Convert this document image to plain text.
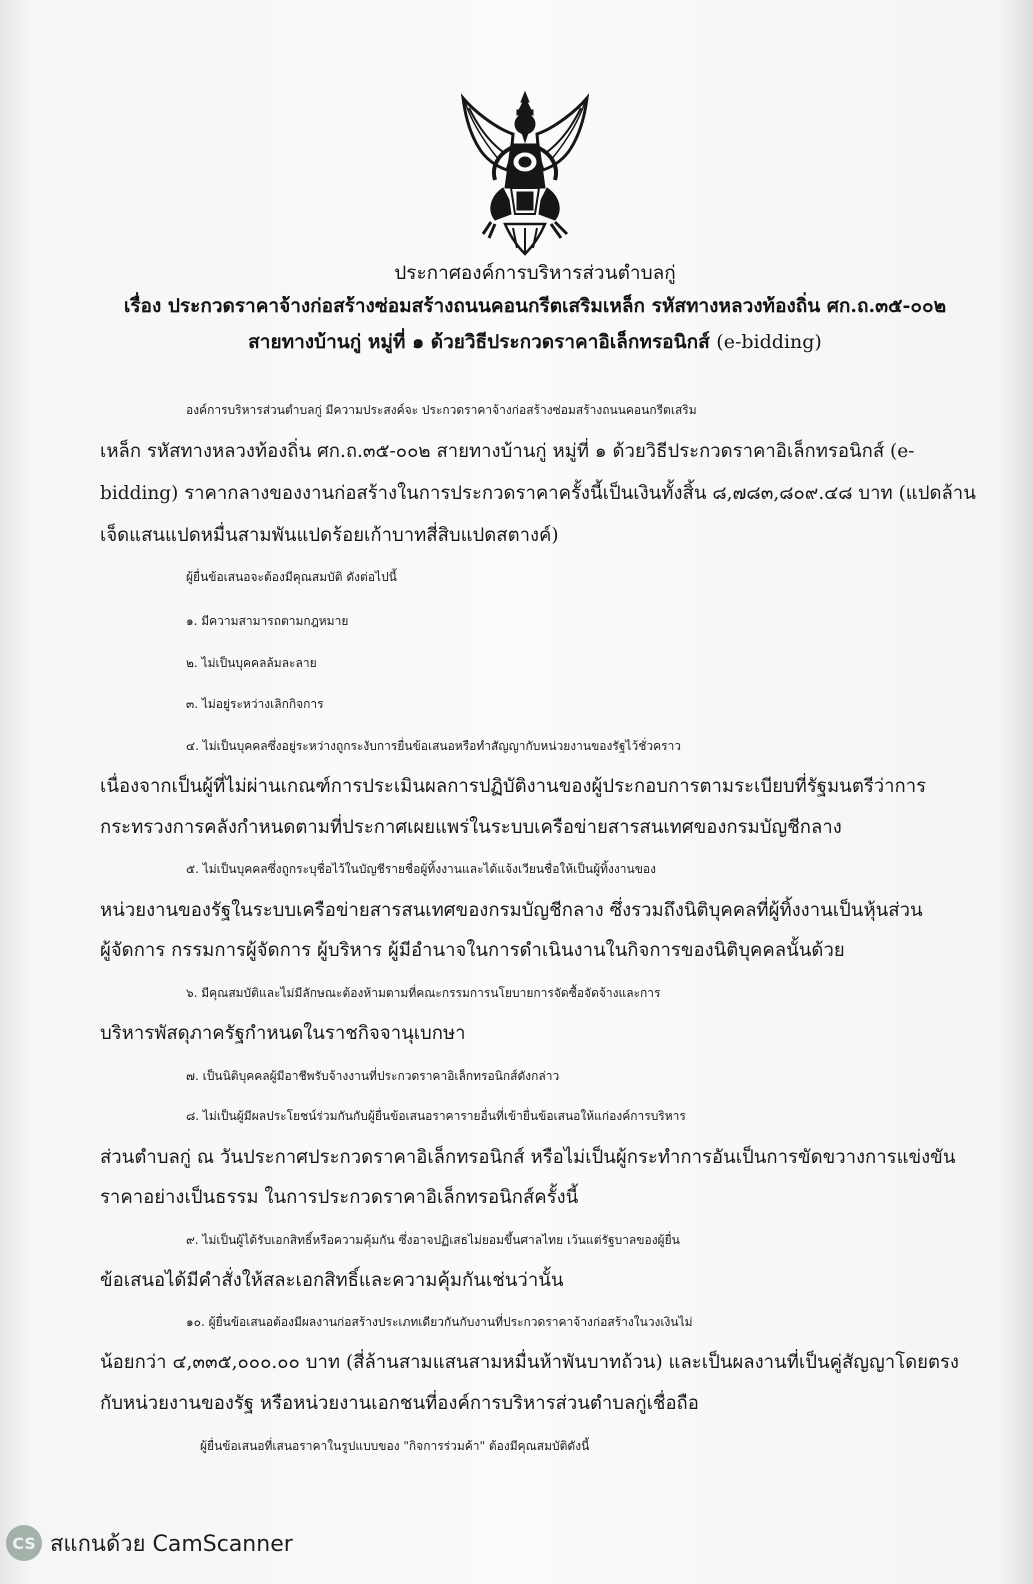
ประกาศองค์การบริหารส่วนตำบลกู่
เรื่อง ประกวดราคาจ้างก่อสร้างซ่อมสร้างถนนคอนกรีตเสริมเหล็ก รหัสทางหลวงท้องถิ่น ศก.ถ.๓๕-๐๐๒
สายทางบ้านกู่ หมู่ที่ ๑ ด้วยวิธีประกวดราคาอิเล็กทรอนิกส์ (e-bidding)
องค์การบริหารส่วนตำบลกู่ มีความประสงค์จะ ประกวดราคาจ้างก่อสร้างซ่อมสร้างถนนคอนกรีตเสริม
เหล็ก รหัสทางหลวงท้องถิ่น ศก.ถ.๓๕-๐๐๒ สายทางบ้านกู่ หมู่ที่ ๑ ด้วยวิธีประกวดราคาอิเล็กทรอนิกส์ (e-
bidding) ราคากลางของงานก่อสร้างในการประกวดราคาครั้งนี้เป็นเงินทั้งสิ้น ๘,๗๘๓,๘๐๙.๔๘ บาท (แปดล้าน
เจ็ดแสนแปดหมื่นสามพันแปดร้อยเก้าบาทสี่สิบแปดสตางค์)
ผู้ยื่นข้อเสนอจะต้องมีคุณสมบัติ ดังต่อไปนี้
๑. มีความสามารถตามกฎหมาย
๒. ไม่เป็นบุคคลล้มละลาย
๓. ไม่อยู่ระหว่างเลิกกิจการ
๔. ไม่เป็นบุคคลซึ่งอยู่ระหว่างถูกระงับการยื่นข้อเสนอหรือทำสัญญากับหน่วยงานของรัฐไว้ชั่วคราว
เนื่องจากเป็นผู้ที่ไม่ผ่านเกณฑ์การประเมินผลการปฏิบัติงานของผู้ประกอบการตามระเบียบที่รัฐมนตรีว่าการ
กระทรวงการคลังกำหนดตามที่ประกาศเผยแพร่ในระบบเครือข่ายสารสนเทศของกรมบัญชีกลาง
๕. ไม่เป็นบุคคลซึ่งถูกระบุชื่อไว้ในบัญชีรายชื่อผู้ทิ้งงานและได้แจ้งเวียนชื่อให้เป็นผู้ทิ้งงานของ
หน่วยงานของรัฐในระบบเครือข่ายสารสนเทศของกรมบัญชีกลาง ซึ่งรวมถึงนิติบุคคลที่ผู้ทิ้งงานเป็นหุ้นส่วน
ผู้จัดการ กรรมการผู้จัดการ ผู้บริหาร ผู้มีอำนาจในการดำเนินงานในกิจการของนิติบุคคลนั้นด้วย
๖. มีคุณสมบัติและไม่มีลักษณะต้องห้ามตามที่คณะกรรมการนโยบายการจัดซื้อจัดจ้างและการ
บริหารพัสดุภาครัฐกำหนดในราชกิจจานุเบกษา
๗. เป็นนิติบุคคลผู้มีอาชีพรับจ้างงานที่ประกวดราคาอิเล็กทรอนิกส์ดังกล่าว
๘. ไม่เป็นผู้มีผลประโยชน์ร่วมกันกับผู้ยื่นข้อเสนอราคารายอื่นที่เข้ายื่นข้อเสนอให้แก่องค์การบริหาร
ส่วนตำบลกู่ ณ วันประกาศประกวดราคาอิเล็กทรอนิกส์ หรือไม่เป็นผู้กระทำการอันเป็นการขัดขวางการแข่งขัน
ราคาอย่างเป็นธรรม ในการประกวดราคาอิเล็กทรอนิกส์ครั้งนี้
๙. ไม่เป็นผู้ได้รับเอกสิทธิ์หรือความคุ้มกัน ซึ่งอาจปฏิเสธไม่ยอมขึ้นศาลไทย เว้นแต่รัฐบาลของผู้ยื่น
ข้อเสนอได้มีคำสั่งให้สละเอกสิทธิ์และความคุ้มกันเช่นว่านั้น
๑๐. ผู้ยื่นข้อเสนอต้องมีผลงานก่อสร้างประเภทเดียวกันกับงานที่ประกวดราคาจ้างก่อสร้างในวงเงินไม่
น้อยกว่า ๔,๓๓๕,๐๐๐.๐๐ บาท (สี่ล้านสามแสนสามหมื่นห้าพันบาทถ้วน) และเป็นผลงานที่เป็นคู่สัญญาโดยตรง
กับหน่วยงานของรัฐ หรือหน่วยงานเอกชนที่องค์การบริหารส่วนตำบลกู่เชื่อถือ
ผู้ยื่นข้อเสนอที่เสนอราคาในรูปแบบของ "กิจการร่วมค้า" ต้องมีคุณสมบัติดังนี้
CS สแกนด้วย CamScanner
